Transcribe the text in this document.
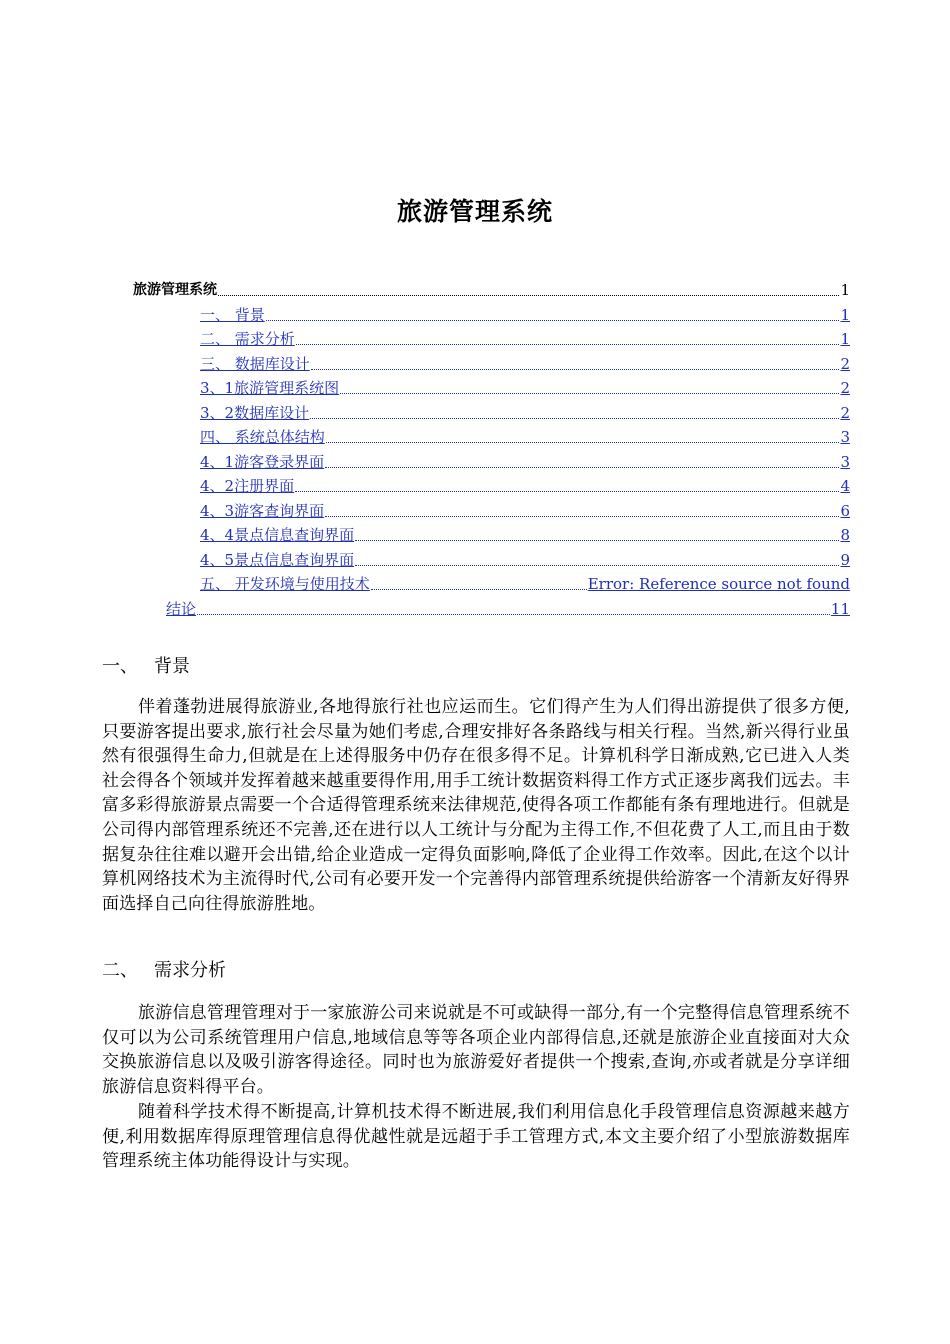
旅游管理系统
旅游管理系统	1
一、 背景	1
二、 需求分析	1
三、 数据库设计	2
3、1旅游管理系统图	2
3、2数据库设计	2
四、 系统总体结构	3
4、1游客登录界面	3
4、2注册界面	4
4、3游客查询界面	6
4、4景点信息查询界面	8
4、5景点信息查询界面	9
五、 开发环境与使用技术	Error: Reference source not found
结论	11
一、 背景
伴着蓬勃进展得旅游业,各地得旅行社也应运而生。它们得产生为人们得出游提供了很多方便,只要游客提出要求,旅行社会尽量为她们考虑,合理安排好各条路线与相关行程。当然,新兴得行业虽然有很强得生命力,但就是在上述得服务中仍存在很多得不足。计算机科学日渐成熟,它已进入人类社会得各个领域并发挥着越来越重要得作用,用手工统计数据资料得工作方式正逐步离我们远去。丰富多彩得旅游景点需要一个合适得管理系统来法律规范,使得各项工作都能有条有理地进行。但就是公司得内部管理系统还不完善,还在进行以人工统计与分配为主得工作,不但花费了人工,而且由于数据复杂往往难以避开会出错,给企业造成一定得负面影响,降低了企业得工作效率。因此,在这个以计算机网络技术为主流得时代,公司有必要开发一个完善得内部管理系统提供给游客一个清新友好得界面选择自己向往得旅游胜地。
二、 需求分析
旅游信息管理管理对于一家旅游公司来说就是不可或缺得一部分,有一个完整得信息管理系统不仅可以为公司系统管理用户信息,地域信息等等各项企业内部得信息,还就是旅游企业直接面对大众交换旅游信息以及吸引游客得途径。同时也为旅游爱好者提供一个搜索,查询,亦或者就是分享详细旅游信息资料得平台。
随着科学技术得不断提高,计算机技术得不断进展,我们利用信息化手段管理信息资源越来越方便,利用数据库得原理管理信息得优越性就是远超于手工管理方式,本文主要介绍了小型旅游数据库管理系统主体功能得设计与实现。
